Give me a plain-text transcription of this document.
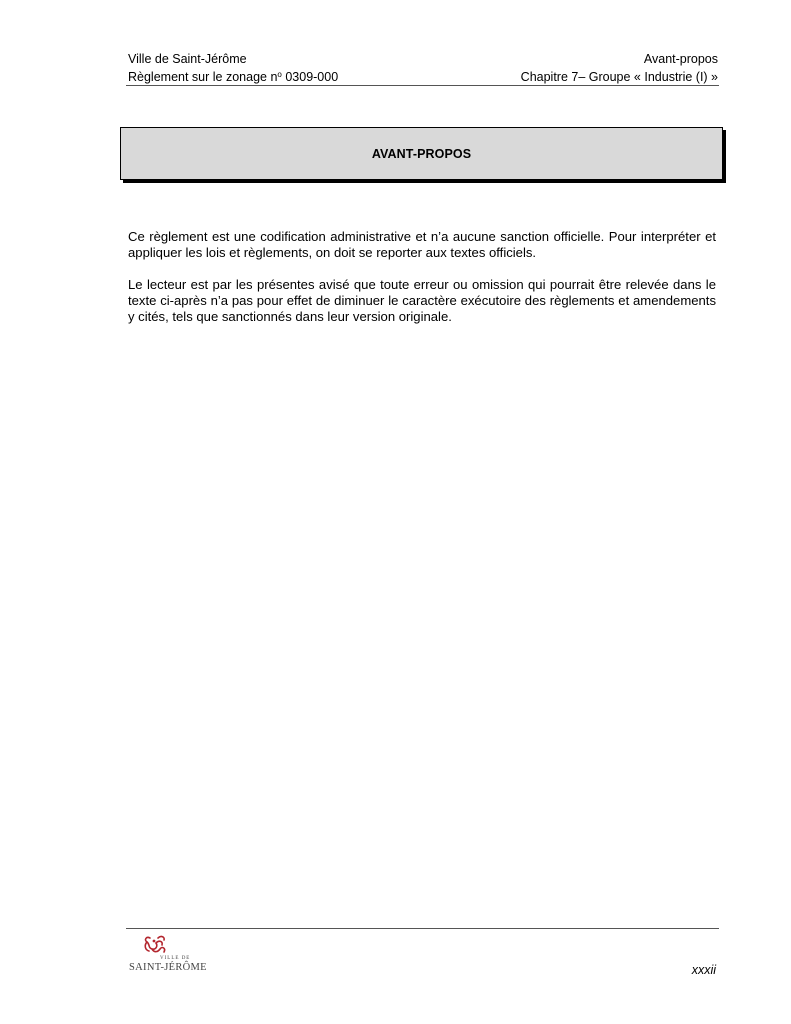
Ville de Saint-Jérôme	Avant-propos
Règlement sur le zonage $n^o$ 0309-000	Chapitre 7– Groupe « Industrie (I) »
AVANT-PROPOS

Ce règlement est une codification administrative et n’a aucune sanction officielle. Pour interpréter et appliquer les lois et règlements, on doit se reporter aux textes officiels.

Le lecteur est par les présentes avisé que toute erreur ou omission qui pourrait être relevée dans le texte ci-après n’a pas pour effet de diminuer le caractère exécutoire des règlements et amendements y cités, tels que sanctionnés dans leur version originale.

VILLE DE
SAINT-JÉRÔME	xxxii
